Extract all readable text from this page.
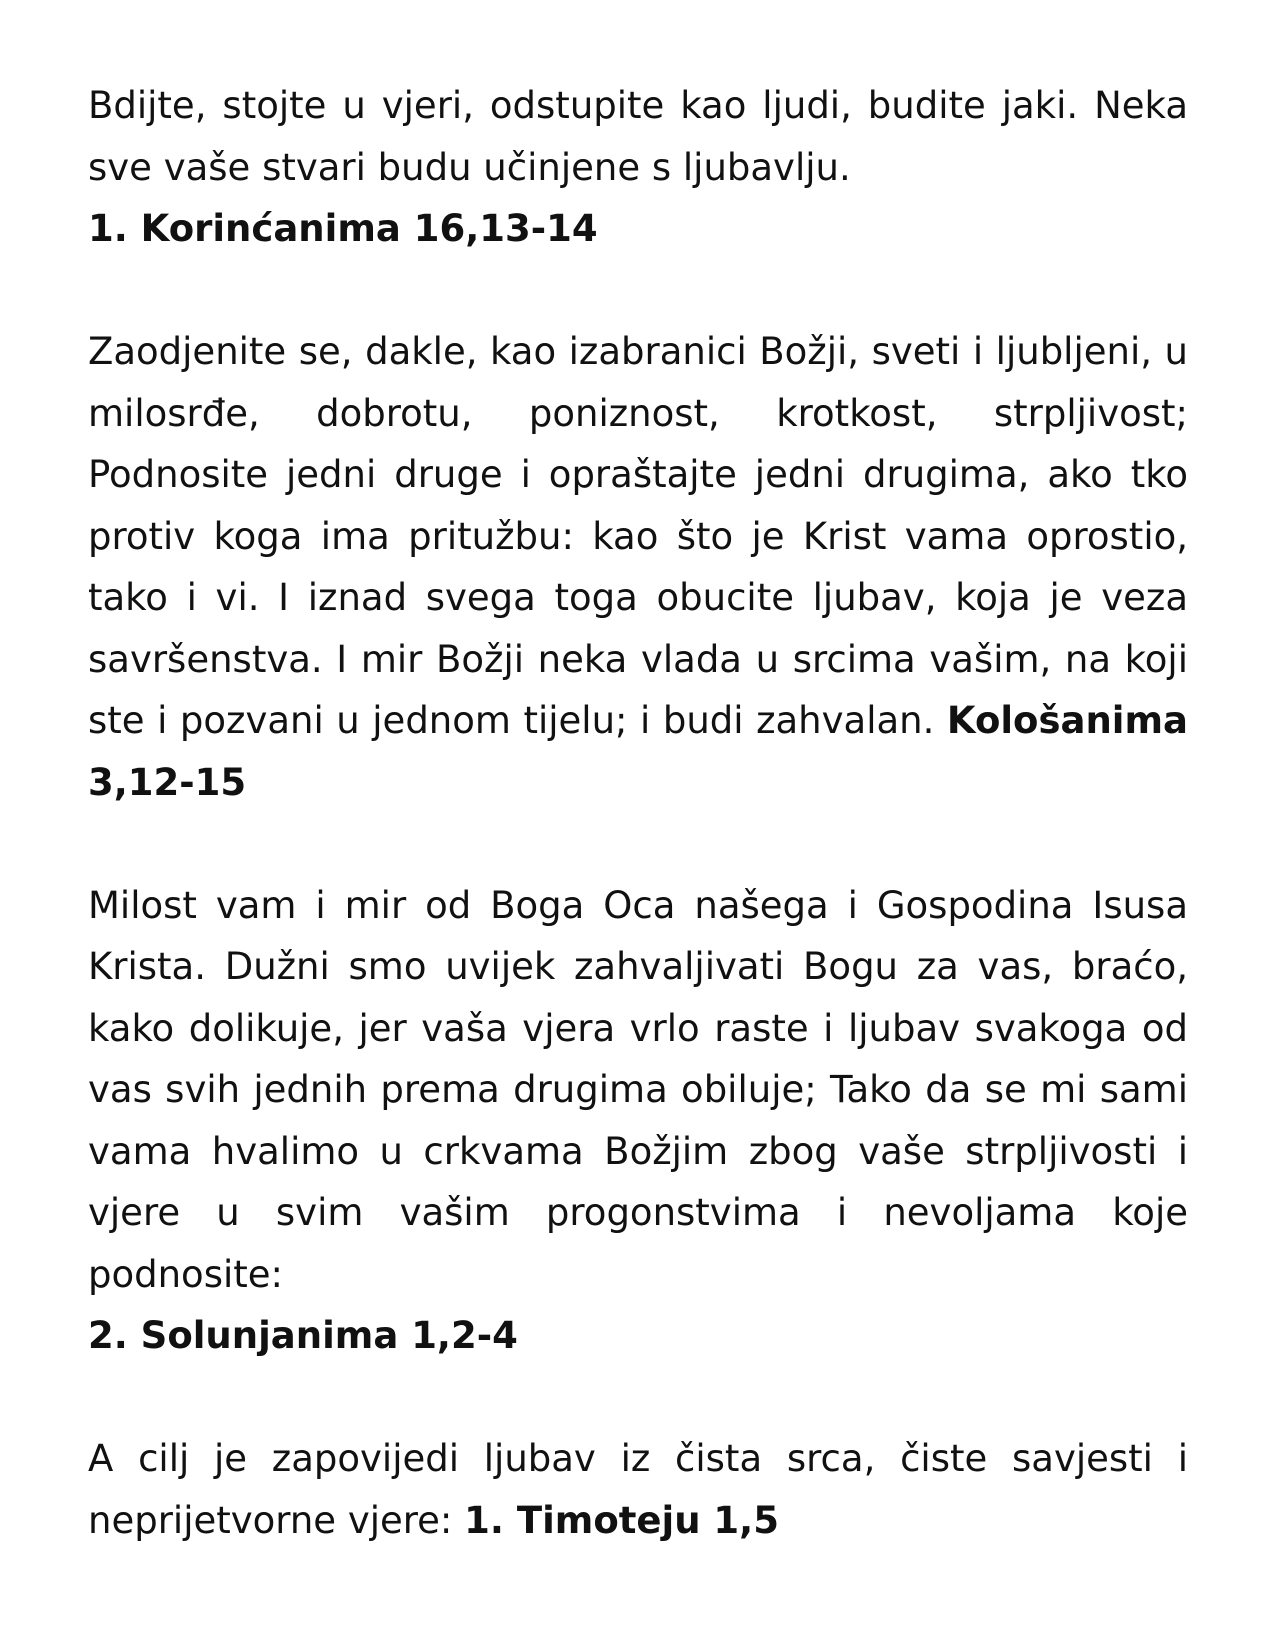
Bdijte, stojte u vjeri, odstupite kao ljudi, budite jaki. Neka sve vaše stvari budu učinjene s ljubavlju.
1. Korinćanima 16,13-14

Zaodjenite se, dakle, kao izabranici Božji, sveti i ljubljeni, u milosrđe, dobrotu, poniznost, krotkost, strpljivost; Podnosite jedni druge i opraštajte jedni drugima, ako tko protiv koga ima pritužbu: kao što je Krist vama oprostio, tako i vi. I iznad svega toga obucite ljubav, koja je veza savršenstva. I mir Božji neka vlada u srcima vašim, na koji ste i pozvani u jednom tijelu; i budi zahvalan. Kološanima 3,12-15

Milost vam i mir od Boga Oca našega i Gospodina Isusa Krista. Dužni smo uvijek zahvaljivati Bogu za vas, braćo, kako dolikuje, jer vaša vjera vrlo raste i ljubav svakoga od vas svih jednih prema drugima obiluje; Tako da se mi sami vama hvalimo u crkvama Božjim zbog vaše strpljivosti i vjere u svim vašim progonstvima i nevoljama koje podnosite:
2. Solunjanima 1,2-4

A cilj je zapovijedi ljubav iz čista srca, čiste savjesti i neprijetvorne vjere: 1. Timoteju 1,5
